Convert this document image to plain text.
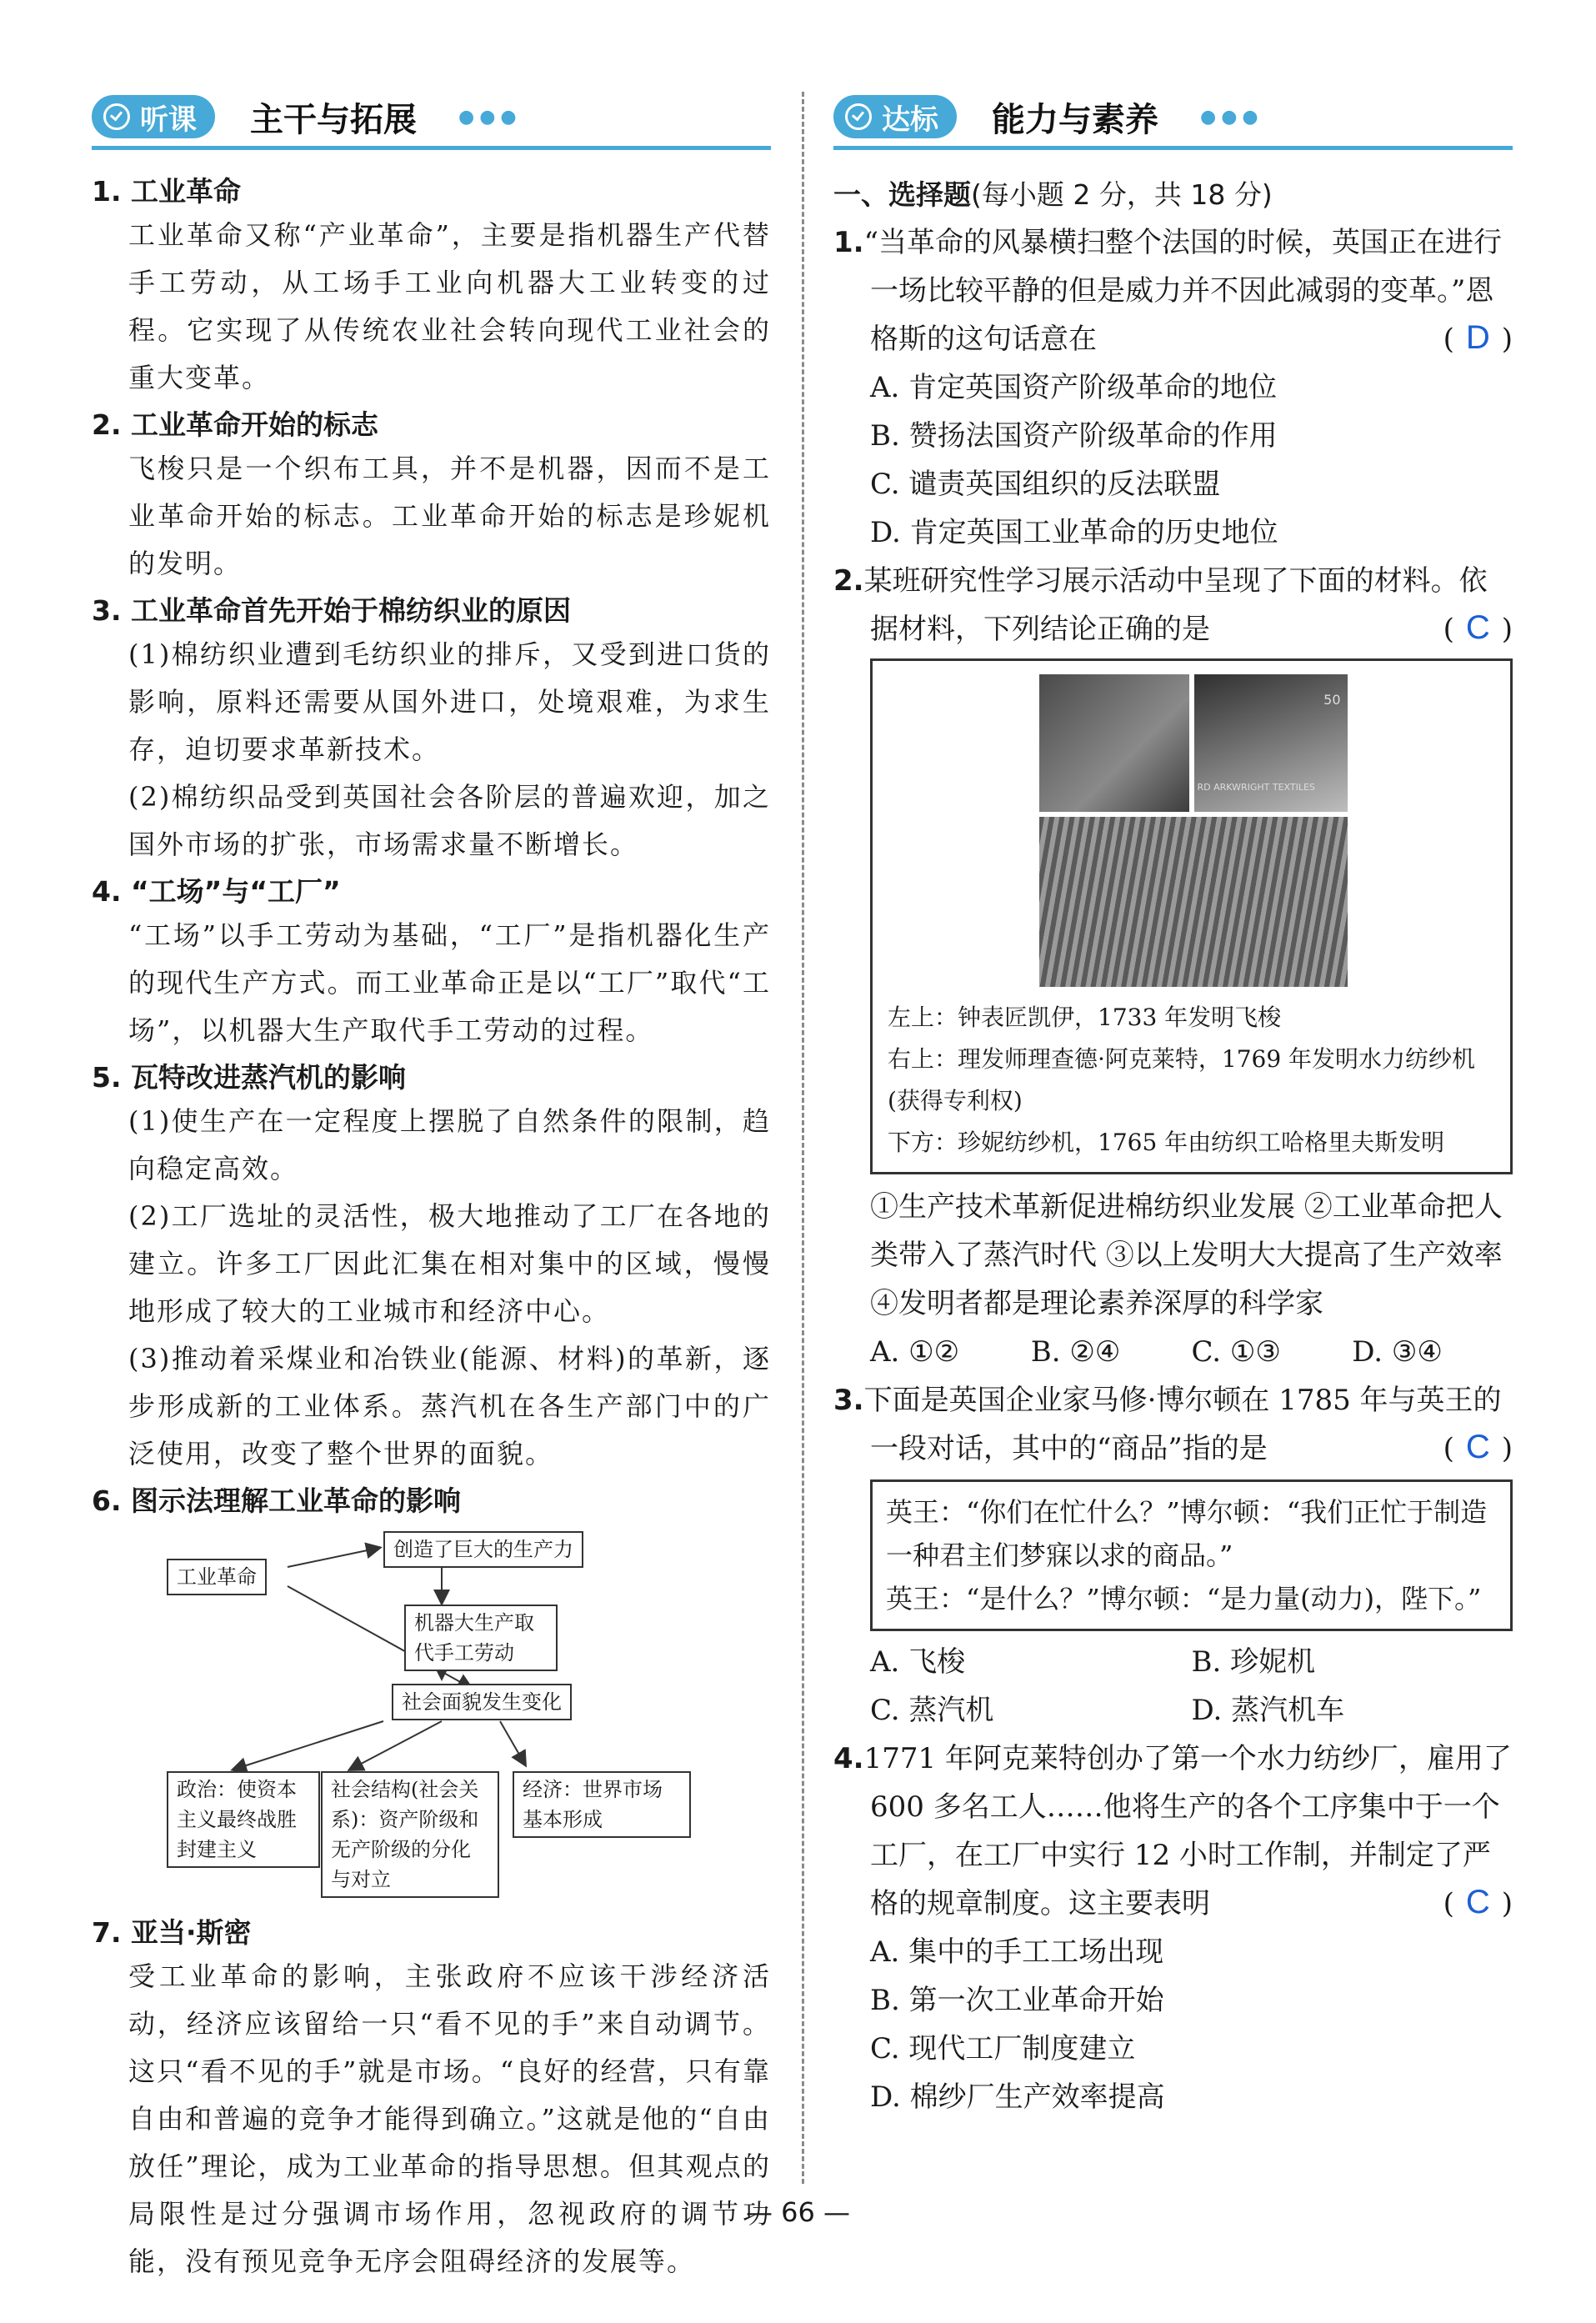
听课 主干与拓展 ●●●
1. 工业革命
工业革命又称“产业革命”，主要是指机器生产代替手工劳动，从工场手工业向机器大工业转变的过程。它实现了从传统农业社会转向现代工业社会的重大变革。
2. 工业革命开始的标志
飞梭只是一个织布工具，并不是机器，因而不是工业革命开始的标志。工业革命开始的标志是珍妮机的发明。
3. 工业革命首先开始于棉纺织业的原因
(1)棉纺织业遭到毛纺织业的排斥，又受到进口货的影响，原料还需要从国外进口，处境艰难，为求生存，迫切要求革新技术。
(2)棉纺织品受到英国社会各阶层的普遍欢迎，加之国外市场的扩张，市场需求量不断增长。
4. “工场”与“工厂”
“工场”以手工劳动为基础，“工厂”是指机器化生产的现代生产方式。而工业革命正是以“工厂”取代“工场”，以机器大生产取代手工劳动的过程。
5. 瓦特改进蒸汽机的影响
(1)使生产在一定程度上摆脱了自然条件的限制，趋向稳定高效。
(2)工厂选址的灵活性，极大地推动了工厂在各地的建立。许多工厂因此汇集在相对集中的区域，慢慢地形成了较大的工业城市和经济中心。
(3)推动着采煤业和冶铁业(能源、材料)的革新，逐步形成新的工业体系。蒸汽机在各生产部门中的广泛使用，改变了整个世界的面貌。
6. 图示法理解工业革命的影响
工业革命
创造了巨大的生产力
机器大生产取代手工劳动
社会面貌发生变化
政治：使资本主义最终战胜封建主义
社会结构(社会关系)：资产阶级和无产阶级的分化与对立
经济：世界市场基本形成
7. 亚当·斯密
受工业革命的影响，主张政府不应该干涉经济活动，经济应该留给一只“看不见的手”来自动调节。这只“看不见的手”就是市场。“良好的经营，只有靠自由和普遍的竞争才能得到确立。”这就是他的“自由放任”理论，成为工业革命的指导思想。但其观点的局限性是过分强调市场作用，忽视政府的调节功能，没有预见竞争无序会阻碍经济的发展等。
达标 能力与素养 ●●●
一、选择题(每小题 2 分，共 18 分)
1.“当革命的风暴横扫整个法国的时候，英国正在进行一场比较平静的但是威力并不因此减弱的变革。”恩格斯的这句话意在	( D )
A. 肯定英国资产阶级革命的地位
B. 赞扬法国资产阶级革命的作用
C. 谴责英国组织的反法联盟
D. 肯定英国工业革命的历史地位
2.某班研究性学习展示活动中呈现了下面的材料。依据材料，下列结论正确的是	( C )
50
RD ARKWRIGHT TEXTILES
左上：钟表匠凯伊，1733 年发明飞梭
右上：理发师理查德·阿克莱特，1769 年发明水力纺纱机(获得专利权)
下方：珍妮纺纱机，1765 年由纺织工哈格里夫斯发明
①生产技术革新促进棉纺织业发展 ②工业革命把人类带入了蒸汽时代 ③以上发明大大提高了生产效率 ④发明者都是理论素养深厚的科学家
A. ①②	B. ②④	C. ①③	D. ③④
3.下面是英国企业家马修·博尔顿在 1785 年与英王的一段对话，其中的“商品”指的是	( C )
英王：“你们在忙什么？”博尔顿：“我们正忙于制造一种君主们梦寐以求的商品。”
英王：“是什么？”博尔顿：“是力量(动力)，陛下。”
A. 飞梭	B. 珍妮机
C. 蒸汽机	D. 蒸汽机车
4.1771 年阿克莱特创办了第一个水力纺纱厂，雇用了 600 多名工人……他将生产的各个工序集中于一个工厂，在工厂中实行 12 小时工作制，并制定了严格的规章制度。这主要表明	( C )
A. 集中的手工工场出现
B. 第一次工业革命开始
C. 现代工厂制度建立
D. 棉纱厂生产效率提高
— 66 —
